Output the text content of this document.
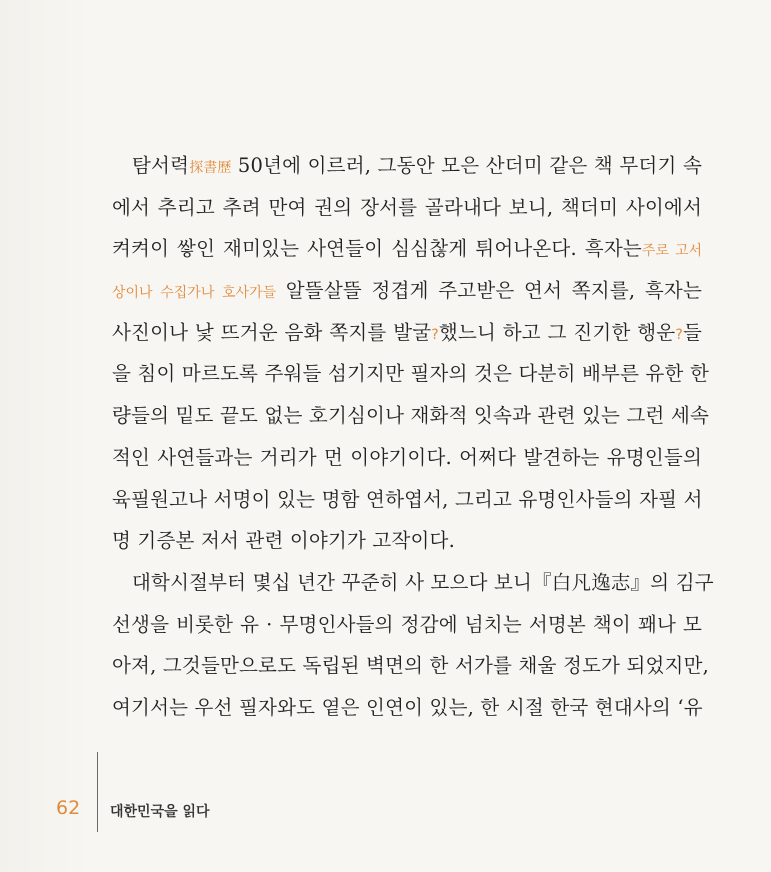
탐서력探書歷 50년에 이르러, 그동안 모은 산더미 같은 책 무더기 속
에서 추리고 추려 만여 권의 장서를 골라내다 보니, 책더미 사이에서
켜켜이 쌓인 재미있는 사연들이 심심찮게 튀어나온다. 흑자는주로 고서
상이나 수집가나 호사가들 알뜰살뜰 정겹게 주고받은 연서 쪽지를, 흑자는
사진이나 낯 뜨거운 음화 쪽지를 발굴?했느니 하고 그 진기한 행운?들
을 침이 마르도록 주워들 섬기지만 필자의 것은 다분히 배부른 유한 한
량들의 밑도 끝도 없는 호기심이나 재화적 잇속과 관련 있는 그런 세속
적인 사연들과는 거리가 먼 이야기이다. 어쩌다 발견하는 유명인들의
육필원고나 서명이 있는 명함 연하엽서, 그리고 유명인사들의 자필 서
명 기증본 저서 관련 이야기가 고작이다.
대학시절부터 몇십 년간 꾸준히 사 모으다 보니『白凡逸志』의 김구
선생을 비롯한 유 · 무명인사들의 정감에 넘치는 서명본 책이 꽤나 모
아져, 그것들만으로도 독립된 벽면의 한 서가를 채울 정도가 되었지만,
여기서는 우선 필자와도 옅은 인연이 있는, 한 시절 한국 현대사의 ‘유
62 대한민국을 읽다
